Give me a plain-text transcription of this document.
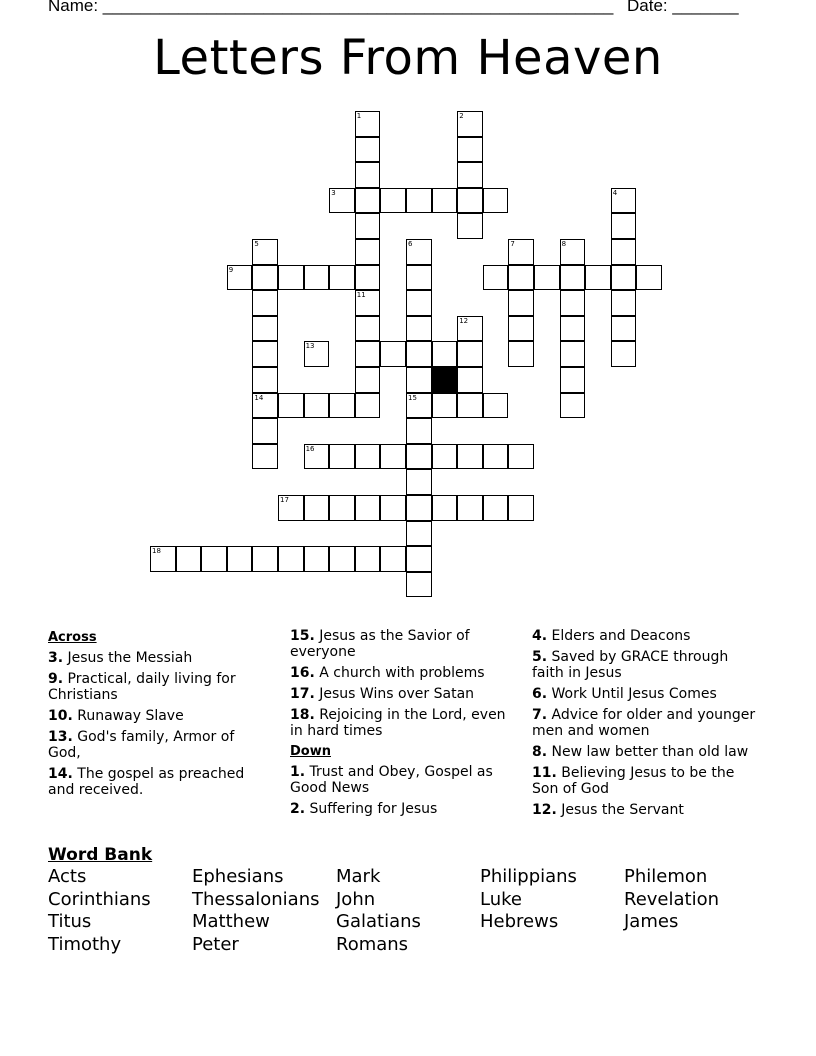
Name: ______________________________________________________ Date: _______
Letters From Heaven
1	2
3	4
5	6
15
7	8
9
11
12
13
14
16
17
18
Across
3. Jesus the Messiah
9. Practical, daily living for Christians
10. Runaway Slave
13. God's family, Armor of God,
14. The gospel as preached and received.
15. Jesus as the Savior of everyone
16. A church with problems
17. Jesus Wins over Satan
18. Rejoicing in the Lord, even in hard times
Down
1. Trust and Obey, Gospel as Good News
2. Suffering for Jesus
4. Elders and Deacons
5. Saved by GRACE through faith in Jesus
6. Work Until Jesus Comes
7. Advice for older and younger men and women
8. New law better than old law
11. Believing Jesus to be the Son of God
12. Jesus the Servant
Word Bank
Acts	Ephesians	Mark	Philippians	Philemon
Corinthians Thessalonians John	Luke	Revelation
Titus	Matthew	Galatians	Hebrews	James
Timothy	Peter	Romans
